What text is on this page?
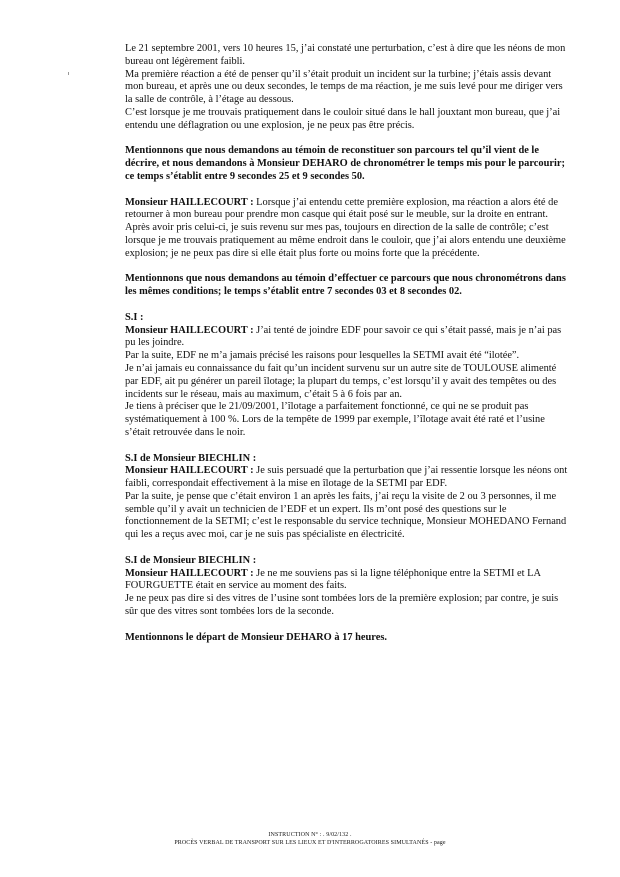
Le 21 septembre 2001, vers 10 heures 15, j’ai constaté une perturbation, c’est à dire que les néons de mon bureau ont légèrement faibli.

Ma première réaction a été de penser qu’il s’était produit un incident sur la turbine; j’étais assis devant mon bureau, et après une ou deux secondes, le temps de ma réaction, je me suis levé pour me diriger vers la salle de contrôle, à l’étage au dessous.

C’est lorsque je me trouvais pratiquement dans le couloir situé dans le hall jouxtant mon bureau, que j’ai entendu une déflagration ou une explosion, je ne peux pas être précis.

Mentionnons que nous demandons au témoin de reconstituer son parcours tel qu’il vient de le décrire, et nous demandons à Monsieur DEHARO de chronométrer le temps mis pour le parcourir; ce temps s’établit entre 9 secondes 25 et 9 secondes 50.

Monsieur HAILLECOURT : Lorsque j’ai entendu cette première explosion, ma réaction a alors été de retourner à mon bureau pour prendre mon casque qui était posé sur le meuble, sur la droite en entrant. Après avoir pris celui-ci, je suis revenu sur mes pas, toujours en direction de la salle de contrôle; c’est lorsque je me trouvais pratiquement au même endroit dans le couloir, que j’ai alors entendu une deuxième explosion; je ne peux pas dire si elle était plus forte ou moins forte que la précédente.

Mentionnons que nous demandons au témoin d’effectuer ce parcours que nous chronométrons dans les mêmes conditions; le temps s’établit entre 7 secondes 03 et 8 secondes 02.

S.I :

Monsieur HAILLECOURT : J’ai tenté de joindre EDF pour savoir ce qui s’était passé, mais je n’ai pas pu les joindre.

Par la suite, EDF ne m’a jamais précisé les raisons pour lesquelles la SETMI avait été “ilotée”.

Je n’ai jamais eu connaissance du fait qu’un incident survenu sur un autre site de TOULOUSE alimenté par EDF, ait pu générer un pareil îlotage; la plupart du temps, c’est lorsqu’il y avait des tempêtes ou des incidents sur le réseau, mais au maximum, c’était 5 à 6 fois par an.

Je tiens à préciser que le 21/09/2001, l’îlotage a parfaitement fonctionné, ce qui ne se produit pas systématiquement à 100 %. Lors de la tempête de 1999 par exemple, l’îlotage avait été raté et l’usine s’était retrouvée dans le noir.

S.I de Monsieur BIECHLIN :

Monsieur HAILLECOURT : Je suis persuadé que la perturbation que j’ai ressentie lorsque les néons ont faibli, correspondait effectivement à la mise en îlotage de la SETMI par EDF.

Par la suite, je pense que c’était environ 1 an après les faits, j’ai reçu la visite de 2 ou 3 personnes, il me semble qu’il y avait un technicien de l’EDF et un expert. Ils m’ont posé des questions sur le fonctionnement de la SETMI; c’est le responsable du service technique, Monsieur MOHEDANO Fernand qui les a reçus avec moi, car je ne suis pas spécialiste en électricité.

S.I de Monsieur BIECHLIN :

Monsieur HAILLECOURT : Je ne me souviens pas si la ligne téléphonique entre la SETMI et LA FOURGUETTE était en service au moment des faits.

Je ne peux pas dire si des vitres de l’usine sont tombées lors de la première explosion; par contre, je suis sûr que des vitres sont tombées lors de la seconde.

Mentionnons le départ de Monsieur DEHARO à 17 heures.

INSTRUCTION N° : . 9/02/132 .
PROCÈS VERBAL DE TRANSPORT SUR LES LIEUX ET D'INTERROGATOIRES SIMULTANÉS - page
